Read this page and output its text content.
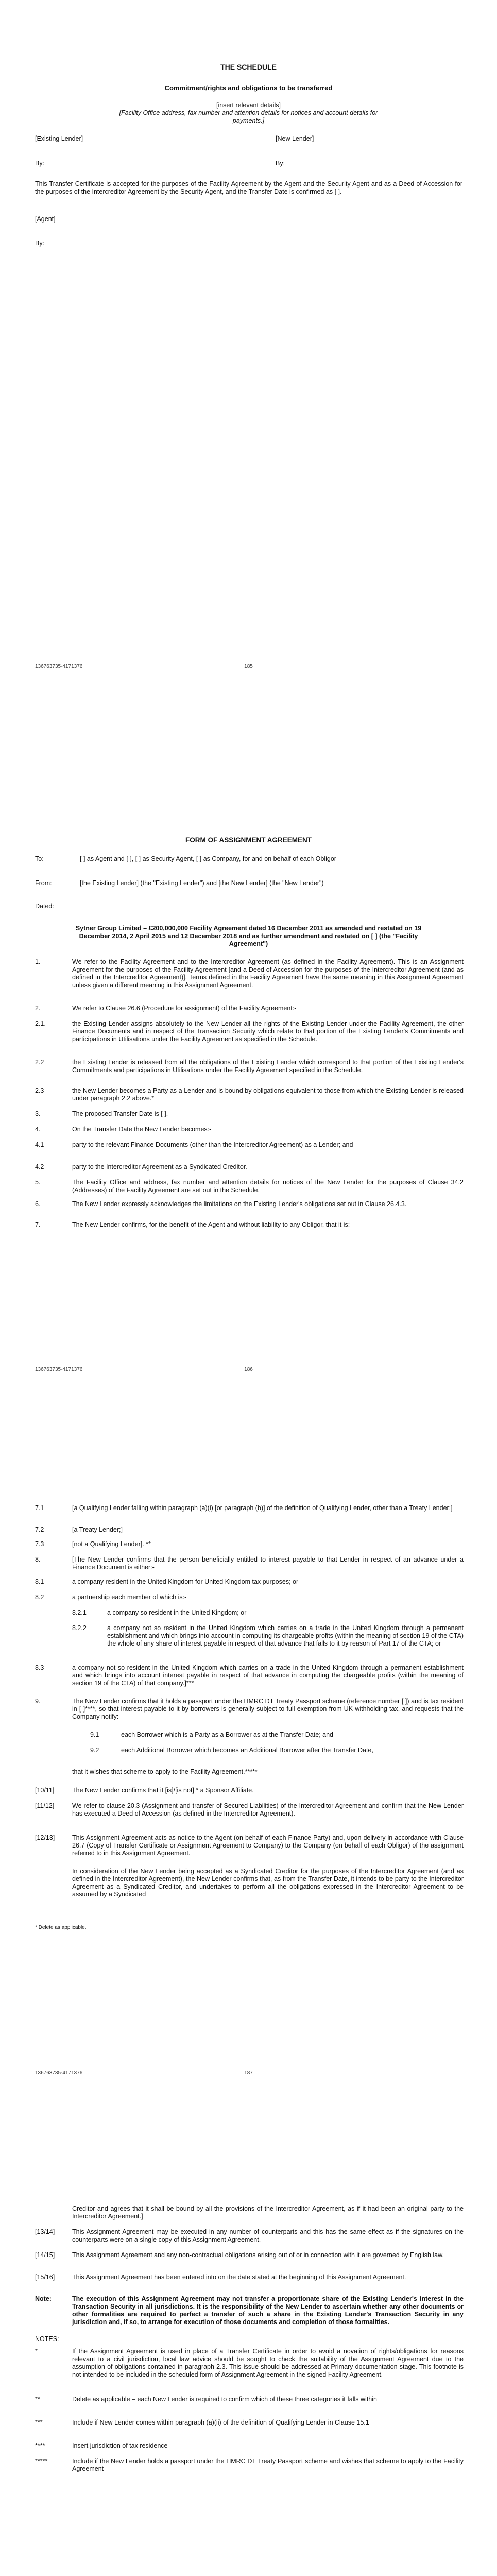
THE SCHEDULE
Commitment/rights and obligations to be transferred
[insert relevant details]
[Facility Office address, fax number and attention details for notices and account details for payments.]
[Existing Lender]	[New Lender]
By:	By:
This Transfer Certificate is accepted for the purposes of the Facility Agreement by the Agent and the Security Agent and as a Deed of Accession for the purposes of the Intercreditor Agreement by the Security Agent, and the Transfer Date is confirmed as [ ].
[Agent]
By:
136763735-4171376	185
FORM OF ASSIGNMENT AGREEMENT
To:	[ ] as Agent and [ ], [ ] as Security Agent, [ ] as Company, for and on behalf of each Obligor
From:	[the Existing Lender] (the "Existing Lender") and [the New Lender] (the "New Lender")
Dated:
Sytner Group Limited – £200,000,000 Facility Agreement dated 16 December 2011 as amended and restated on 19 December 2014, 2 April 2015 and 12 December 2018 and as further amendment and restated on [ ] (the "Facility Agreement")
1.	We refer to the Facility Agreement and to the Intercreditor Agreement (as defined in the Facility Agreement). This is an Assignment Agreement for the purposes of the Facility Agreement [and a Deed of Accession for the purposes of the Intercreditor Agreement (and as defined in the Intercreditor Agreement)]. Terms defined in the Facility Agreement have the same meaning in this Assignment Agreement unless given a different meaning in this Assignment Agreement.
2.	We refer to Clause 26.6 (Procedure for assignment) of the Facility Agreement:-
2.1.	the Existing Lender assigns absolutely to the New Lender all the rights of the Existing Lender under the Facility Agreement, the other Finance Documents and in respect of the Transaction Security which relate to that portion of the Existing Lender's Commitments and participations in Utilisations under the Facility Agreement as specified in the Schedule.
2.2	the Existing Lender is released from all the obligations of the Existing Lender which correspond to that portion of the Existing Lender's Commitments and participations in Utilisations under the Facility Agreement specified in the Schedule.
2.3	the New Lender becomes a Party as a Lender and is bound by obligations equivalent to those from which the Existing Lender is released under paragraph 2.2 above.*
3.	The proposed Transfer Date is [ ].
4.	On the Transfer Date the New Lender becomes:-
4.1	party to the relevant Finance Documents (other than the Intercreditor Agreement) as a Lender; and
4.2	party to the Intercreditor Agreement as a Syndicated Creditor.
5.	The Facility Office and address, fax number and attention details for notices of the New Lender for the purposes of Clause 34.2 (Addresses) of the Facility Agreement are set out in the Schedule.
6.	The New Lender expressly acknowledges the limitations on the Existing Lender's obligations set out in Clause 26.4.3.
7.	The New Lender confirms, for the benefit of the Agent and without liability to any Obligor, that it is:-
136763735-4171376	186
7.1	[a Qualifying Lender falling within paragraph (a)(i) [or paragraph (b)] of the definition of Qualifying Lender, other than a Treaty Lender;]
7.2	[a Treaty Lender;]
7.3	[not a Qualifying Lender]. **
8.	[The New Lender confirms that the person beneficially entitled to interest payable to that Lender in respect of an advance under a Finance Document is either:-
8.1	a company resident in the United Kingdom for United Kingdom tax purposes; or
8.2	a partnership each member of which is:-
8.2.1	a company so resident in the United Kingdom; or
8.2.2	a company not so resident in the United Kingdom which carries on a trade in the United Kingdom through a permanent establishment and which brings into account in computing its chargeable profits (within the meaning of section 19 of the CTA) the whole of any share of interest payable in respect of that advance that falls to it by reason of Part 17 of the CTA; or
8.3	a company not so resident in the United Kingdom which carries on a trade in the United Kingdom through a permanent establishment and which brings into account interest payable in respect of that advance in computing the chargeable profits (within the meaning of section 19 of the CTA) of that company.]***
9.	The New Lender confirms that it holds a passport under the HMRC DT Treaty Passport scheme (reference number [ ]) and is tax resident in [ ]****, so that interest payable to it by borrowers is generally subject to full exemption from UK withholding tax, and requests that the Company notify:
9.1	each Borrower which is a Party as a Borrower as at the Transfer Date; and
9.2	each Additional Borrower which becomes an Additional Borrower after the Transfer Date,
that it wishes that scheme to apply to the Facility Agreement.*****
[10/11]	The New Lender confirms that it [is]/[is not] * a Sponsor Affiliate.
[11/12]	We refer to clause 20.3 (Assignment and transfer of Secured Liabilities) of the Intercreditor Agreement and confirm that the New Lender has executed a Deed of Accession (as defined in the Intercreditor Agreement).
[12/13]	This Assignment Agreement acts as notice to the Agent (on behalf of each Finance Party) and, upon delivery in accordance with Clause 26.7 (Copy of Transfer Certificate or Assignment Agreement to Company) to the Company (on behalf of each Obligor) of the assignment referred to in this Assignment Agreement.
In consideration of the New Lender being accepted as a Syndicated Creditor for the purposes of the Intercreditor Agreement (and as defined in the Intercreditor Agreement), the New Lender confirms that, as from the Transfer Date, it intends to be party to the Intercreditor Agreement as a Syndicated Creditor, and undertakes to perform all the obligations expressed in the Intercreditor Agreement to be assumed by a Syndicated
* Delete as applicable.
136763735-4171376	187
Creditor and agrees that it shall be bound by all the provisions of the Intercreditor Agreement, as if it had been an original party to the Intercreditor Agreement.]
[13/14]	This Assignment Agreement may be executed in any number of counterparts and this has the same effect as if the signatures on the counterparts were on a single copy of this Assignment Agreement.
[14/15]	This Assignment Agreement and any non-contractual obligations arising out of or in connection with it are governed by English law.
[15/16]	This Assignment Agreement has been entered into on the date stated at the beginning of this Assignment Agreement.
Note:	The execution of this Assignment Agreement may not transfer a proportionate share of the Existing Lender's interest in the Transaction Security in all jurisdictions. It is the responsibility of the New Lender to ascertain whether any other documents or other formalities are required to perfect a transfer of such a share in the Existing Lender's Transaction Security in any jurisdiction and, if so, to arrange for execution of those documents and completion of those formalities.
NOTES:
*	If the Assignment Agreement is used in place of a Transfer Certificate in order to avoid a novation of rights/obligations for reasons relevant to a civil jurisdiction, local law advice should be sought to check the suitability of the Assignment Agreement due to the assumption of obligations contained in paragraph 2.3. This issue should be addressed at Primary documentation stage. This footnote is not intended to be included in the scheduled form of Assignment Agreement in the signed Facility Agreement.
**	Delete as applicable – each New Lender is required to confirm which of these three categories it falls within
***	Include if New Lender comes within paragraph (a)(ii) of the definition of Qualifying Lender in Clause 15.1
****	Insert jurisdiction of tax residence
*****	Include if the New Lender holds a passport under the HMRC DT Treaty Passport scheme and wishes that scheme to apply to the Facility Agreement
